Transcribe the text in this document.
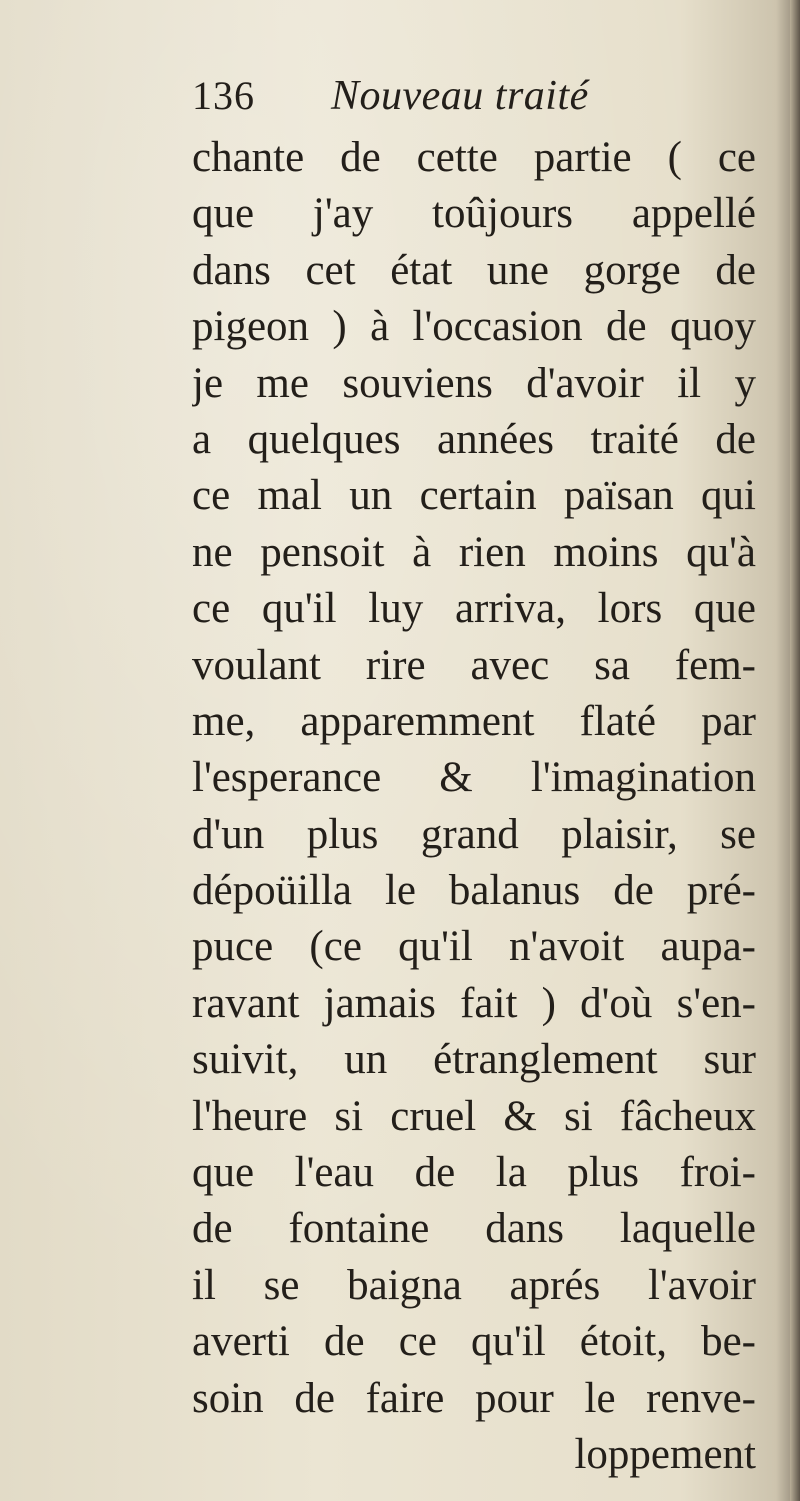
136 Nouveau traité
chante de cette partie ( ce
que j'ay toûjours appellé
dans cet état une gorge de
pigeon ) à l'occasion de quoy
je me souviens d'avoir il y
a quelques années traité de
ce mal un certain païsan qui
ne pensoit à rien moins qu'à
ce qu'il luy arriva, lors que
voulant rire avec sa fem-
me, apparemment flaté par
l'esperance & l'imagination
d'un plus grand plaisir, se
dépoüilla le balanus de pré-
puce (ce qu'il n'avoit aupa-
ravant jamais fait ) d'où s'en-
suivit, un étranglement sur
l'heure si cruel & si fâcheux
que l'eau de la plus froi-
de fontaine dans laquelle
il se baigna aprés l'avoir
averti de ce qu'il étoit, be-
soin de faire pour le renve-
loppement
